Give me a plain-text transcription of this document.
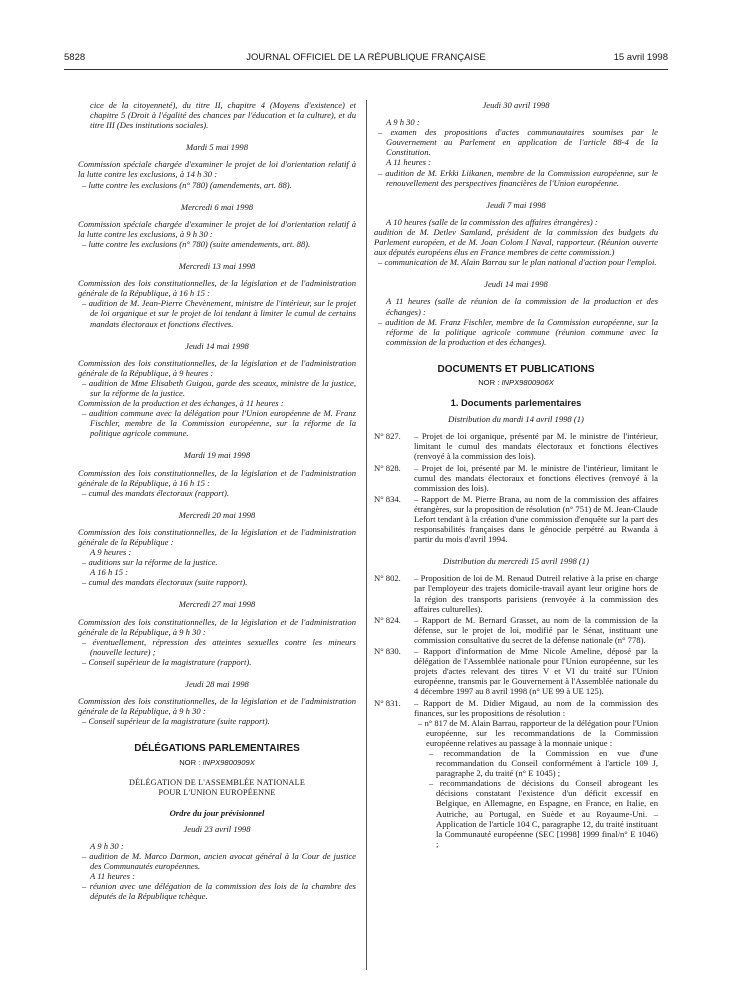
5828	JOURNAL OFFICIEL DE LA RÉPUBLIQUE FRANÇAISE	15 avril 1998

cice de la citoyenneté), du titre II, chapitre 4 (Moyens d'existence) et chapitre 5 (Droit à l'égalité des chances par l'éducation et la culture), et du titre III (Des institutions sociales).

Mardi 5 mai 1998

Commission spéciale chargée d'examiner le projet de loi d'orientation relatif à la lutte contre les exclusions, à 14 h 30 :

– lutte contre les exclusions (n° 780) (amendements, art. 88).

Mercredi 6 mai 1998

Commission spéciale chargée d'examiner le projet de loi d'orientation relatif à la lutte contre les exclusions, à 9 h 30 :

– lutte contre les exclusions (n° 780) (suite amendements, art. 88).

Mercredi 13 mai 1998

Commission des lois constitutionnelles, de la législation et de l'administration générale de la République, à 16 h 15 :

– audition de M. Jean-Pierre Chevènement, ministre de l'intérieur, sur le projet de loi organique et sur le projet de loi tendant à limiter le cumul de certains mandats électoraux et fonctions électives.

Jeudi 14 mai 1998

Commission des lois constitutionnelles, de la législation et de l'administration générale de la République, à 9 heures :

– audition de Mme Elisabeth Guigou, garde des sceaux, ministre de la justice, sur la réforme de la justice.

Commission de la production et des échanges, à 11 heures :

– audition commune avec la délégation pour l'Union européenne de M. Franz Fischler, membre de la Commission européenne, sur la réforme de la politique agricole commune.

Mardi 19 mai 1998

Commission des lois constitutionnelles, de la législation et de l'administration générale de la République, à 16 h 15 :

– cumul des mandats électoraux (rapport).

Mercredi 20 mai 1998

Commission des lois constitutionnelles, de la législation et de l'administration générale de la République :

A 9 heures :

– auditions sur la réforme de la justice.

A 16 h 15 :

– cumul des mandats électoraux (suite rapport).

Mercredi 27 mai 1998

Commission des lois constitutionnelles, de la législation et de l'administration générale de la République, à 9 h 30 :

– éventuellement, répression des atteintes sexuelles contre les mineurs (nouvelle lecture) ;

– Conseil supérieur de la magistrature (rapport).

Jeudi 28 mai 1998

Commission des lois constitutionnelles, de la législation et de l'administration générale de la République, à 9 h 30 :

– Conseil supérieur de la magistrature (suite rapport).

DÉLÉGATIONS PARLEMENTAIRES

NOR : INPX9800909X

DÉLÉGATION DE L'ASSEMBLÉE NATIONALE

POUR L'UNION EUROPÉENNE

Ordre du jour prévisionnel

Jeudi 23 avril 1998

A 9 h 30 :

– audition de M. Marco Darmon, ancien avocat général à la Cour de justice des Communautés européennes.

A 11 heures :

– réunion avec une délégation de la commission des lois de la chambre des députés de la République tchèque.

Jeudi 30 avril 1998

A 9 h 30 :

– examen des propositions d'actes communautaires soumises par le Gouvernement au Parlement en application de l'article 88-4 de la Constitution.

A 11 heures :

– audition de M. Erkki Liikanen, membre de la Commission européenne, sur le renouvellement des perspectives financières de l'Union européenne.

Jeudi 7 mai 1998

A 10 heures (salle de la commission des affaires étrangères) :

audition de M. Detlev Samland, président de la commission des budgets du Parlement européen, et de M. Joan Colom I Naval, rapporteur. (Réunion ouverte aux députés européens élus en France membres de cette commission.)

– communication de M. Alain Barrau sur le plan national d'action pour l'emploi.

Jeudi 14 mai 1998

A 11 heures (salle de réunion de la commission de la production et des échanges) :

– audition de M. Franz Fischler, membre de la Commission européenne, sur la réforme de la politique agricole commune (réunion commune avec la commission de la production et des échanges).

DOCUMENTS ET PUBLICATIONS

NOR : INPX9800906X

1. Documents parlementaires

Distribution du mardi 14 avril 1998 (1)

N° 827.	– Projet de loi organique, présenté par M. le ministre de l'intérieur, limitant le cumul des mandats électoraux et fonctions électives (renvoyé à la commission des lois).
N° 828.	– Projet de loi, présenté par M. le ministre de l'intérieur, limitant le cumul des mandats électoraux et fonctions électives (renvoyé à la commission des lois).
N° 834.	– Rapport de M. Pierre Brana, au nom de la commission des affaires étrangères, sur la proposition de résolution (n° 751) de M. Jean-Claude Lefort tendant à la création d'une commission d'enquête sur la part des responsabilités françaises dans le génocide perpétré au Rwanda à partir du mois d'avril 1994.

Distribution du mercredi 15 avril 1998 (1)

N° 802.	– Proposition de loi de M. Renaud Dutreil relative à la prise en charge par l'employeur des trajets domicile-travail ayant leur origine hors de la région des transports parisiens (renvoyée à la commission des affaires culturelles).
N° 824.	– Rapport de M. Bernard Grasset, au nom de la commission de la défense, sur le projet de loi, modifié par le Sénat, instituant une commission consultative du secret de la défense nationale (n° 778).
N° 830.	– Rapport d'information de Mme Nicole Ameline, déposé par la délégation de l'Assemblée nationale pour l'Union européenne, sur les projets d'actes relevant des titres V et VI du traité sur l'Union européenne, transmis par le Gouvernement à l'Assemblée nationale du 4 décembre 1997 au 8 avril 1998 (n° UE 99 à UE 125).
N° 831.	– Rapport de M. Didier Migaud, au nom de la commission des finances, sur les propositions de résolution :
– n° 817 de M. Alain Barrau, rapporteur de la délégation pour l'Union européenne, sur les recommandations de la Commission européenne relatives au passage à la monnaie unique :
– recommandation de la Commission en vue d'une recommandation du Conseil conformément à l'article 109 J, paragraphe 2, du traité (n° E 1045) ;
– recommandations de décisions du Conseil abrogeant les décisions constatant l'existence d'un déficit excessif en Belgique, en Allemagne, en Espagne, en France, en Italie, en Autriche, au Portugal, en Suède et au Royaume-Uni. – Application de l'article 104 C, paragraphe 12, du traité instituant la Communauté européenne (SEC [1998] 1999 final/n° E 1046) ;
